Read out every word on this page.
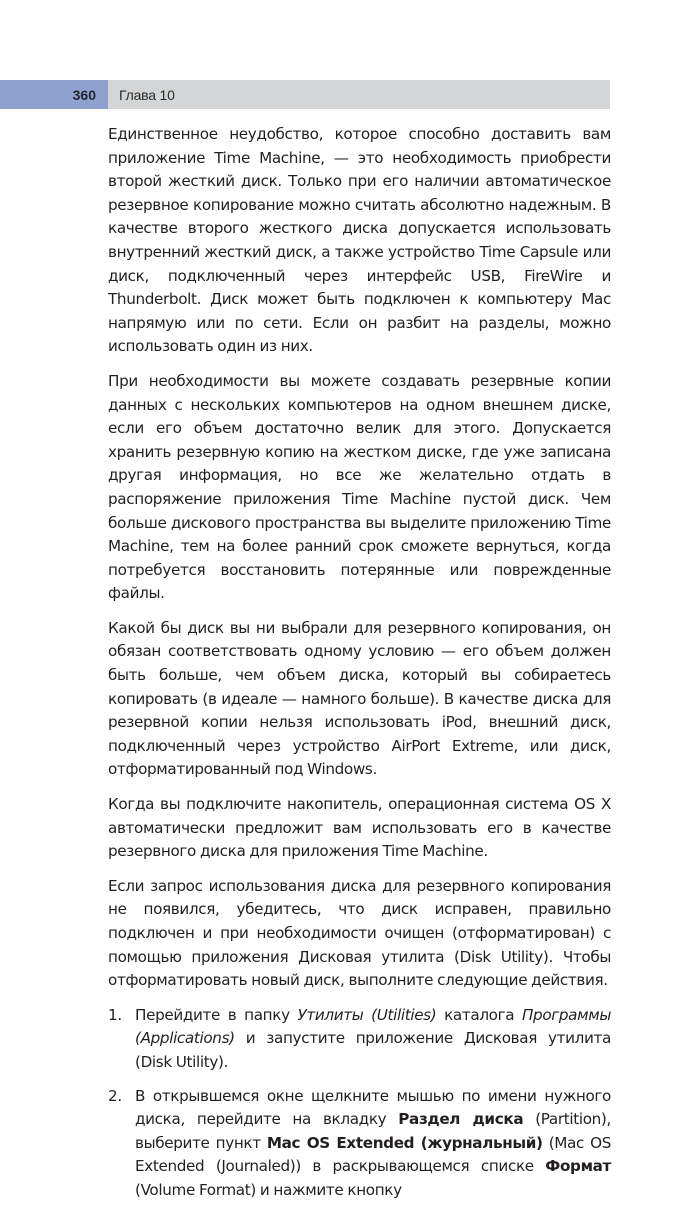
360 Глава 10

Единственное неудобство, которое способно доставить вам приложение Time Machine, — это необходимость приобрести второй жесткий диск. Только при его наличии автоматическое резервное копирование можно считать абсолютно надежным. В качестве второго жесткого диска допускается использовать внутренний жесткий диск, а также устройство Time Capsule или диск, подключенный через интерфейс USB, FireWire и Thunderbolt. Диск может быть подключен к компьютеру Mac напрямую или по сети. Если он разбит на разделы, можно использовать один из них.

При необходимости вы можете создавать резервные копии данных с нескольких компьютеров на одном внешнем диске, если его объем достаточно велик для этого. Допускается хранить резервную копию на жестком диске, где уже записана другая информация, но все же желательно отдать в распоряжение приложения Time Machine пустой диск. Чем больше дискового пространства вы выделите приложению Time Machine, тем на более ранний срок сможете вернуться, когда потребуется восстановить потерянные или поврежденные файлы.

Какой бы диск вы ни выбрали для резервного копирования, он обязан соответствовать одному условию — его объем должен быть больше, чем объем диска, который вы собираетесь копировать (в идеале — намного больше). В качестве диска для резервной копии нельзя использовать iPod, внешний диск, подключенный через устройство AirPort Extreme, или диск, отформатированный под Windows.

Когда вы подключите накопитель, операционная система OS X автоматически предложит вам использовать его в качестве резервного диска для приложения Time Machine.

Если запрос использования диска для резервного копирования не появился, убедитесь, что диск исправен, правильно подключен и при необходимости очищен (отформатирован) с помощью приложения Дисковая утилита (Disk Utility). Чтобы отформатировать новый диск, выполните следующие действия.

1. Перейдите в папку Утилиты (Utilities) каталога Программы (Applications) и запустите приложение Дисковая утилита (Disk Utility).
2. В открывшемся окне щелкните мышью по имени нужного диска, перейдите на вкладку Раздел диска (Partition), выберите пункт Mac OS Extended (журнальный) (Mac OS Extended (Journaled)) в раскрывающемся списке Формат (Volume Format) и нажмите кнопку
